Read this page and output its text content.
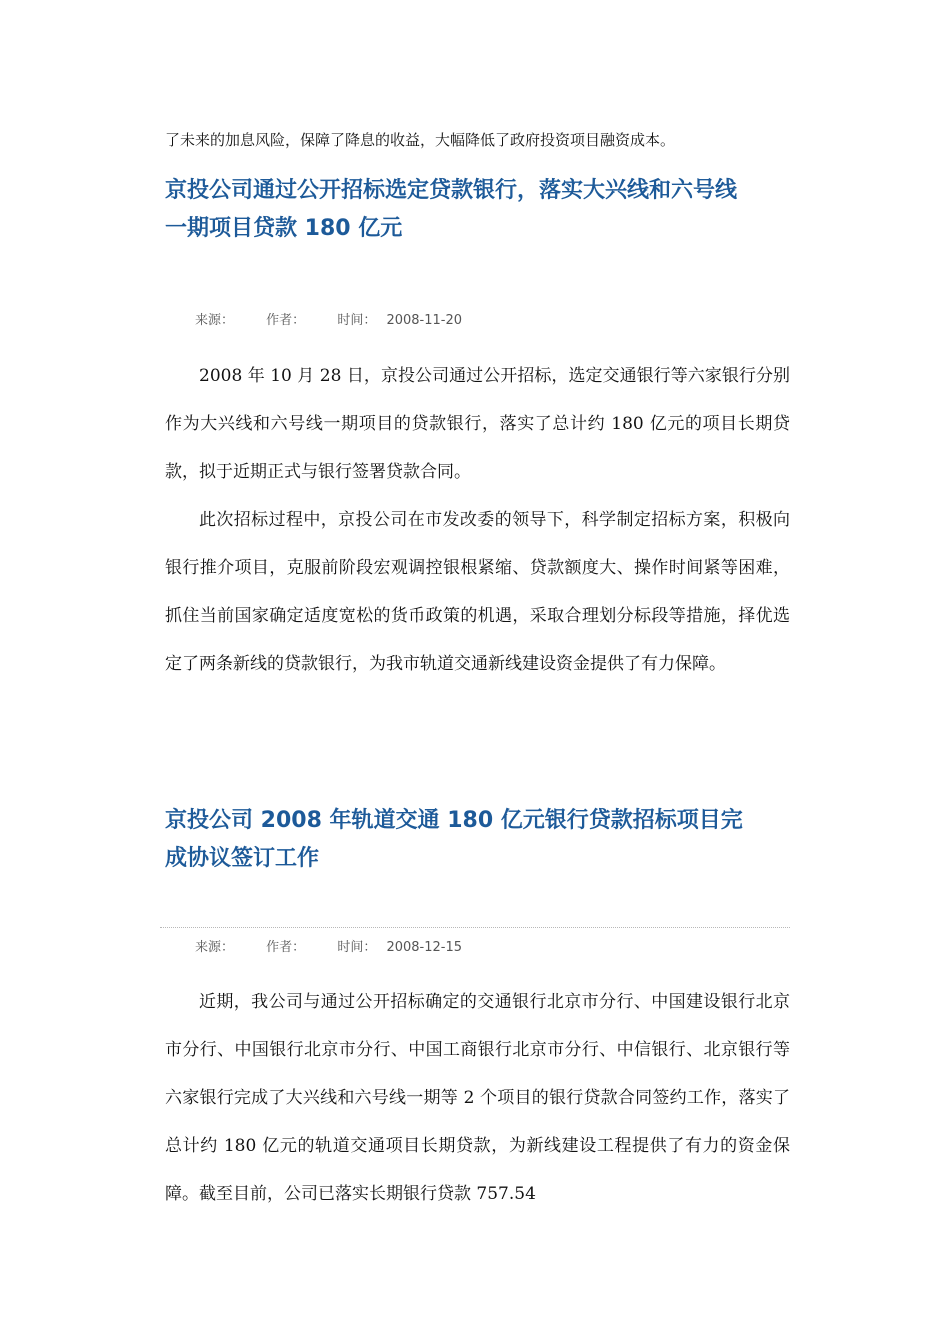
了未来的加息风险，保障了降息的收益，大幅降低了政府投资项目融资成本。
京投公司通过公开招标选定贷款银行，落实大兴线和六号线
一期项目贷款 180 亿元
来源： 作者： 时间： 2008-11-20

2008 年 10 月 28 日，京投公司通过公开招标，选定交通银行等六家银行分别作为大兴线和六号线一期项目的贷款银行，落实了总计约 180 亿元的项目长期贷款，拟于近期正式与银行签署贷款合同。

此次招标过程中，京投公司在市发改委的领导下，科学制定招标方案，积极向银行推介项目，克服前阶段宏观调控银根紧缩、贷款额度大、操作时间紧等困难，抓住当前国家确定适度宽松的货币政策的机遇，采取合理划分标段等措施，择优选定了两条新线的贷款银行，为我市轨道交通新线建设资金提供了有力保障。

京投公司 2008 年轨道交通 180 亿元银行贷款招标项目完
成协议签订工作
来源： 作者： 时间： 2008-12-15

近期，我公司与通过公开招标确定的交通银行北京市分行、中国建设银行北京市分行、中国银行北京市分行、中国工商银行北京市分行、中信银行、北京银行等六家银行完成了大兴线和六号线一期等 2 个项目的银行贷款合同签约工作，落实了总计约 180 亿元的轨道交通项目长期贷款，为新线建设工程提供了有力的资金保障。截至目前，公司已落实长期银行贷款 757.54
